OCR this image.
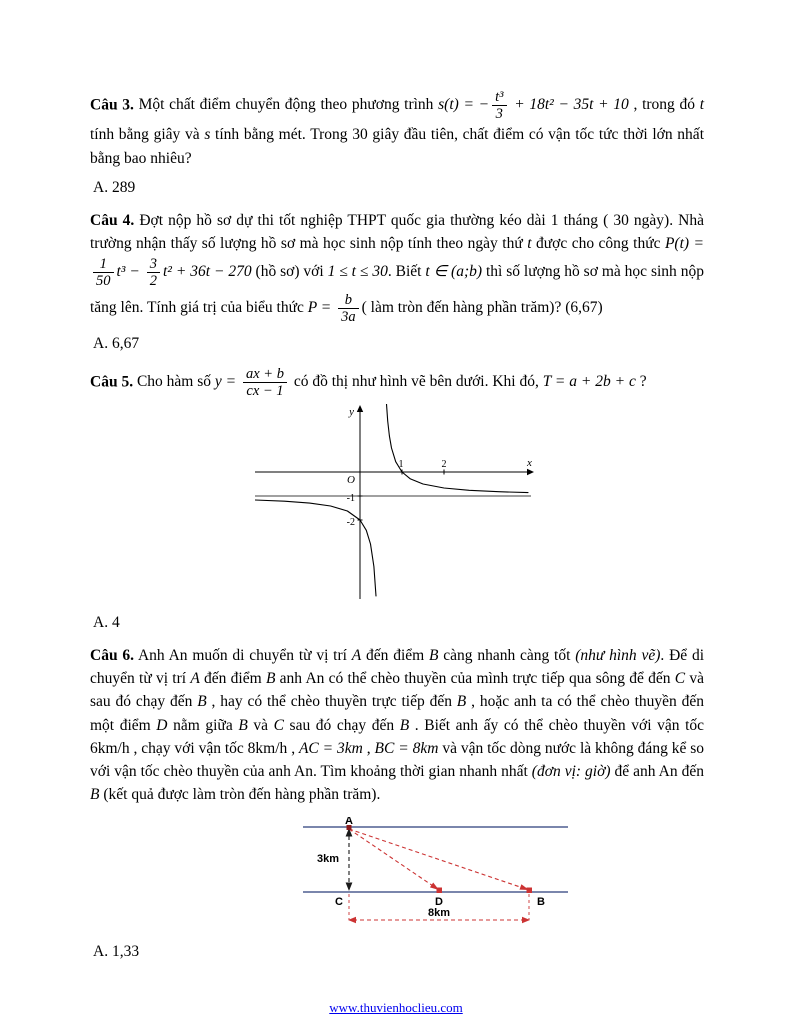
Câu 3. Một chất điểm chuyển động theo phương trình s(t) = − $\frac{\text{t³}}{3} + 18t^2 - 35t + 10$ , trong đó t tính bằng giây và s tính bằng mét. Trong 30 giây đầu tiên, chất điểm có vận tốc tức thời lớn nhất bằng bao nhiêu?

A. 289

Câu 4. Đợt nộp hồ sơ dự thi tốt nghiệp THPT quốc gia thường kéo dài 1 tháng ( 30 ngày). Nhà trường nhận thấy số lượng hồ sơ mà học sinh nộp tính theo ngày thứ t được cho công thức P(t) =
$\frac{1}{50} t^3 - \frac{3}{2} t^2 + 36t - 270$ (hồ sơ) với 1 ≤ t ≤ 30. Biết t ∈ (a;b) thì số lượng hồ sơ mà học sinh nộp tăng lên. Tính giá trị của biểu thức $P = \frac{b}{3a}$ ( làm tròn đến hàng phần trăm)? (6,67)

A. 6,67

Câu 5. Cho hàm số $y = \frac{ax + b}{cx - 1}$ có đồ thị như hình vẽ bên dưới. Khi đó, T = a + 2b + c ?

y
x
O
1	2
-1
-2

A. 4

Câu 6. Anh An muốn di chuyển từ vị trí A đến điểm B càng nhanh càng tốt (như hình vẽ). Để di chuyển từ vị trí A đến điểm B anh An có thể chèo thuyền của mình trực tiếp qua sông để đến C và sau đó chạy đến B , hay có thể chèo thuyền trực tiếp đến B , hoặc anh ta có thể chèo thuyền đến một điểm D nằm giữa B và C sau đó chạy đến B . Biết anh ấy có thể chèo thuyền với vận tốc 6km/h , chạy với vận tốc 8km/h , AC = 3km , BC = 8km và vận tốc dòng nước là không đáng kể so với vận tốc chèo thuyền của anh An. Tìm khoảng thời gian nhanh nhất (đơn vị: giờ) để anh An đến B (kết quả được làm tròn đến hàng phần trăm).

A
C	D	B
3km
8km

A. 1,33

www.thuvienhoclieu.com
